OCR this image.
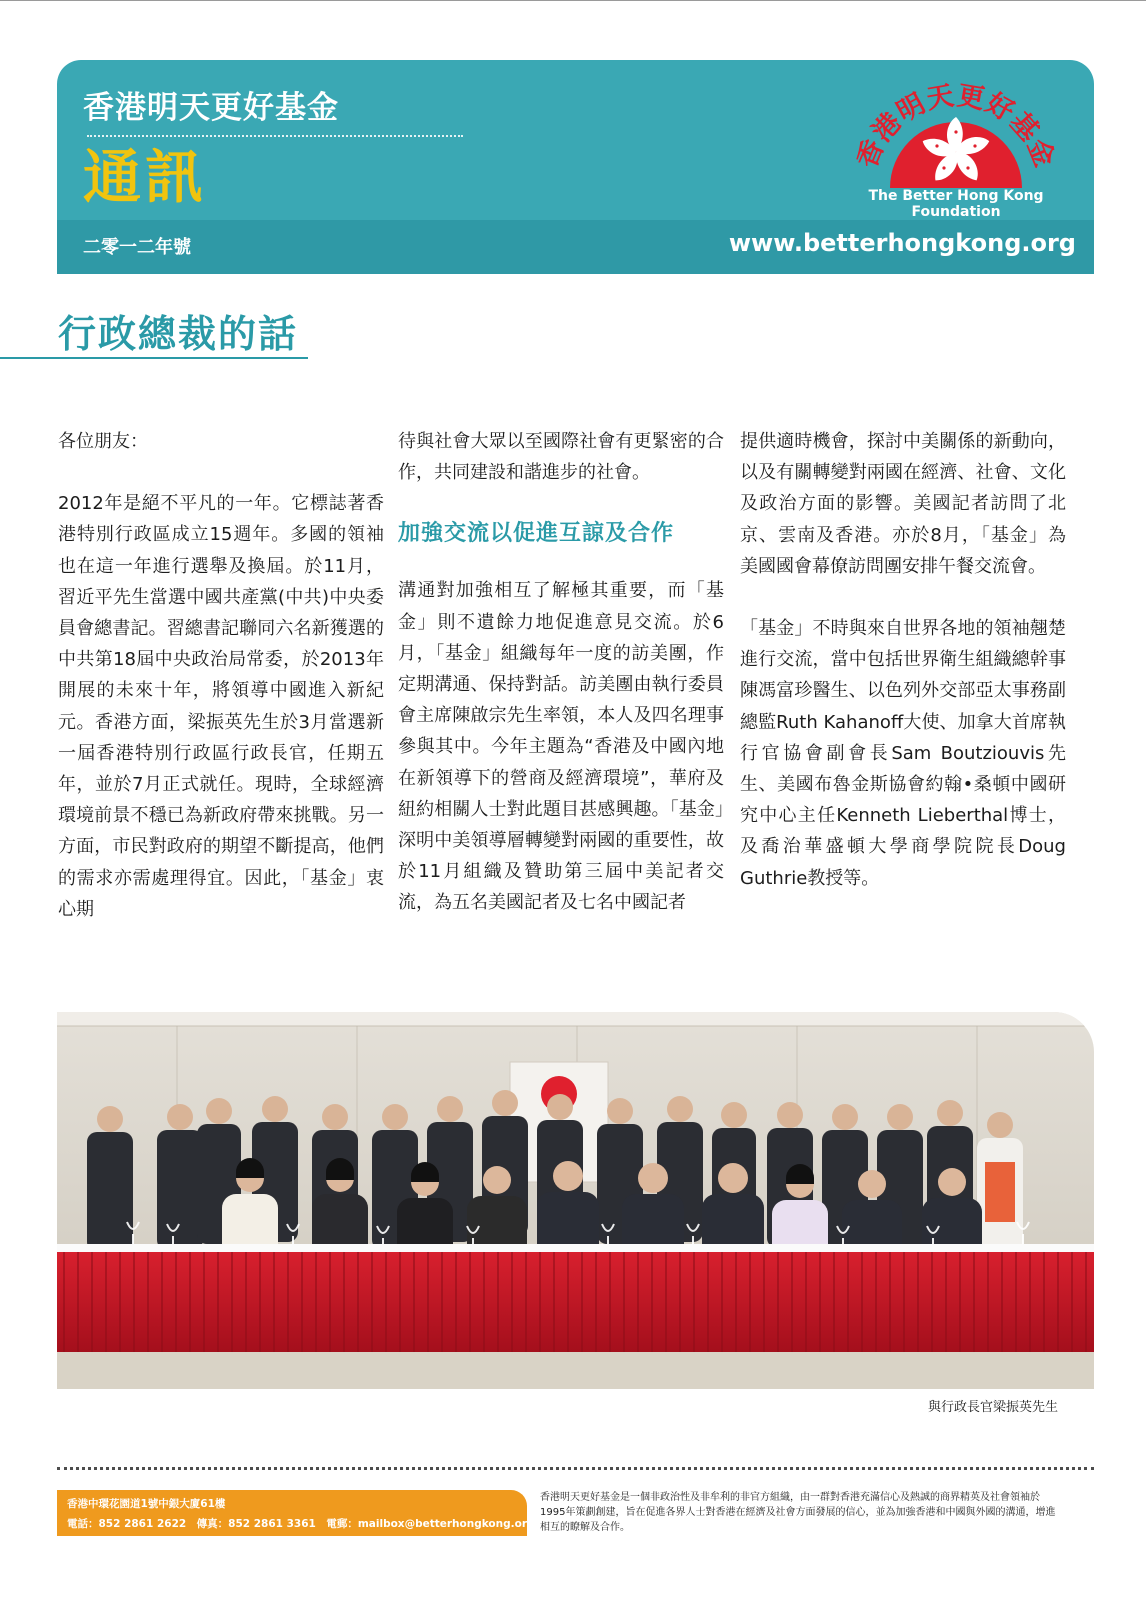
香港明天更好基金
通訊
二零一二年號	www.betterhongkong.org
香港明天更好基金
The Better Hong Kong
Foundation
行政總裁的話

各位朋友：

2012年是絕不平凡的一年。它標誌著香港特別行政區成立15週年。多國的領袖也在這一年進行選舉及換屆。於11月，習近平先生當選中國共產黨(中共)中央委員會總書記。習總書記聯同六名新獲選的中共第18屆中央政治局常委，於2013年開展的未來十年，將領導中國進入新紀元。香港方面，梁振英先生於3月當選新一屆香港特別行政區行政長官，任期五年，並於7月正式就任。現時，全球經濟環境前景不穩已為新政府帶來挑戰。另一方面，市民對政府的期望不斷提高，他們的需求亦需處理得宜。因此，「基金」衷心期

待與社會大眾以至國際社會有更緊密的合作，共同建設和諧進步的社會。

加強交流以促進互諒及合作

溝通對加強相互了解極其重要，而「基金」則不遺餘力地促進意見交流。於6月，「基金」組織每年一度的訪美團，作定期溝通、保持對話。訪美團由執行委員會主席陳啟宗先生率領，本人及四名理事參與其中。今年主題為“香港及中國內地在新領導下的營商及經濟環境”，華府及紐約相關人士對此題目甚感興趣。「基金」深明中美領導層轉變對兩國的重要性，故於11月組織及贊助第三屆中美記者交流，為五名美國記者及七名中國記者

提供適時機會，探討中美關係的新動向，以及有關轉變對兩國在經濟、社會、文化及政治方面的影響。美國記者訪問了北京、雲南及香港。亦於8月，「基金」為美國國會幕僚訪問團安排午餐交流會。

「基金」不時與來自世界各地的領袖翹楚進行交流，當中包括世界衛生組織總幹事陳馮富珍醫生、以色列外交部亞太事務副總監Ruth Kahanoff大使、加拿大首席執行官協會副會長Sam Boutziouvis先生、美國布魯金斯協會約翰•桑頓中國研究中心主任Kenneth Lieberthal博士，及喬治華盛頓大學商學院院長Doug Guthrie教授等。

與行政長官梁振英先生
香港中環花園道1號中銀大廈61樓
電話：852 2861 2622　傳真：852 2861 3361　電郵：mailbox@betterhongkong.org
香港明天更好基金是一個非政治性及非牟利的非官方組織，由一群對香港充滿信心及熱誠的商界精英及社會領袖於1995年策劃創建，旨在促進各界人士對香港在經濟及社會方面發展的信心，並為加強香港和中國與外國的溝通，增進相互的瞭解及合作。
